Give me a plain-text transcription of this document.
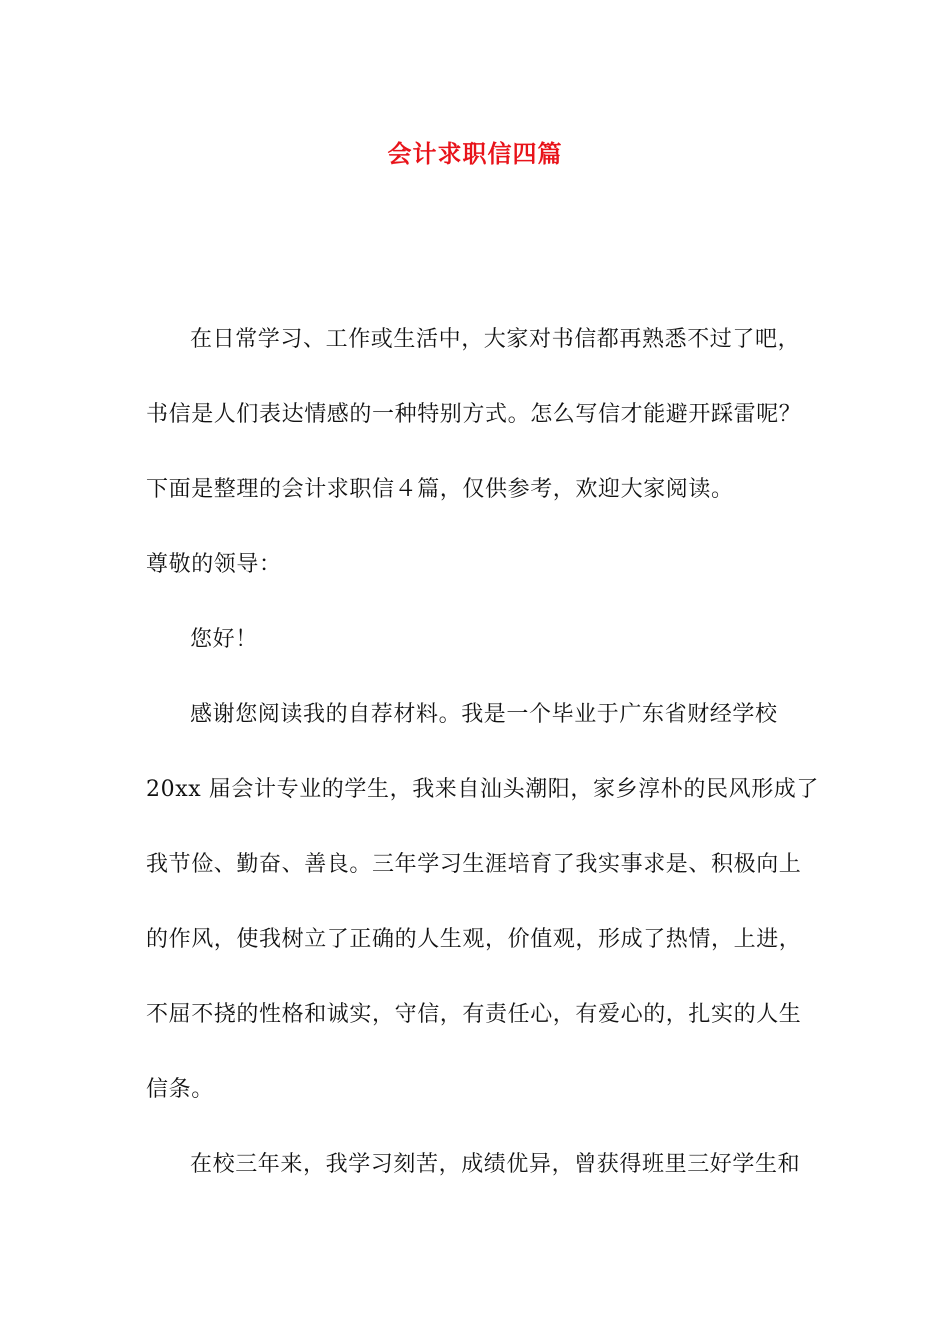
会计求职信四篇
在日常学习、工作或生活中，大家对书信都再熟悉不过了吧，
书信是人们表达情感的一种特别方式。怎么写信才能避开踩雷呢？
下面是整理的会计求职信４篇，仅供参考，欢迎大家阅读。
尊敬的领导：
您好！
感谢您阅读我的自荐材料。我是一个毕业于广东省财经学校
20xx 届会计专业的学生，我来自汕头潮阳，家乡淳朴的民风形成了
我节俭、勤奋、善良。三年学习生涯培育了我实事求是、积极向上
的作风，使我树立了正确的人生观，价值观，形成了热情，上进，
不屈不挠的性格和诚实，守信，有责任心，有爱心的，扎实的人生
信条。
在校三年来，我学习刻苦，成绩优异，曾获得班里三好学生和
